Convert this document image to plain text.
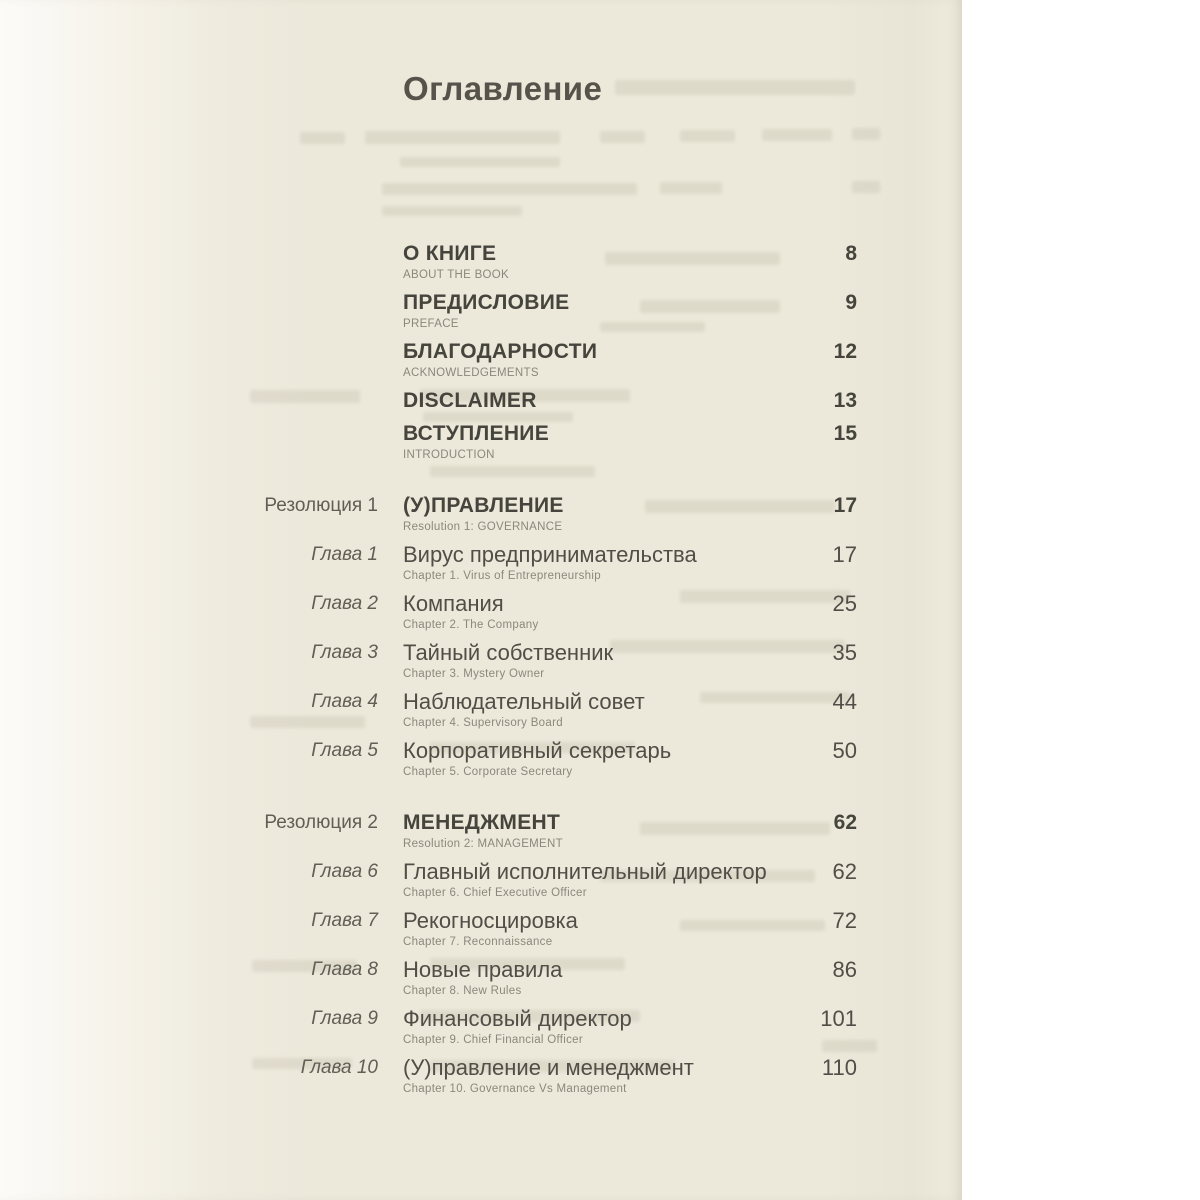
Оглавление
О КНИГЕ
ABOUT THE BOOK
8
ПРЕДИСЛОВИЕ
PREFACE
9
БЛАГОДАРНОСТИ
ACKNOWLEDGEMENTS
12
DISCLAIMER	13
ВСТУПЛЕНИЕ
INTRODUCTION
15
Резолюция 1 (У)ПРАВЛЕНИЕ
Resolution 1: GOVERNANCE
17
Глава 1 Вирус предпринимательства
Chapter 1. Virus of Entrepreneurship
17
Глава 2 Компания
Chapter 2. The Company
25
Глава 3 Тайный собственник
Chapter 3. Mystery Owner
35
Глава 4 Наблюдательный совет
Chapter 4. Supervisory Board
44
Глава 5 Корпоративный секретарь
Chapter 5. Corporate Secretary
50
Резолюция 2 МЕНЕДЖМЕНТ
Resolution 2: MANAGEMENT
62
Глава 6 Главный исполнительный директор
Chapter 6. Chief Executive Officer
62
Глава 7 Рекогносцировка
Chapter 7. Reconnaissance
72
Глава 8 Новые правила
Chapter 8. New Rules
86
Глава 9 Финансовый директор
Chapter 9. Chief Financial Officer
101
Глава 10 (У)правление и менеджмент
Chapter 10. Governance Vs Management
110
